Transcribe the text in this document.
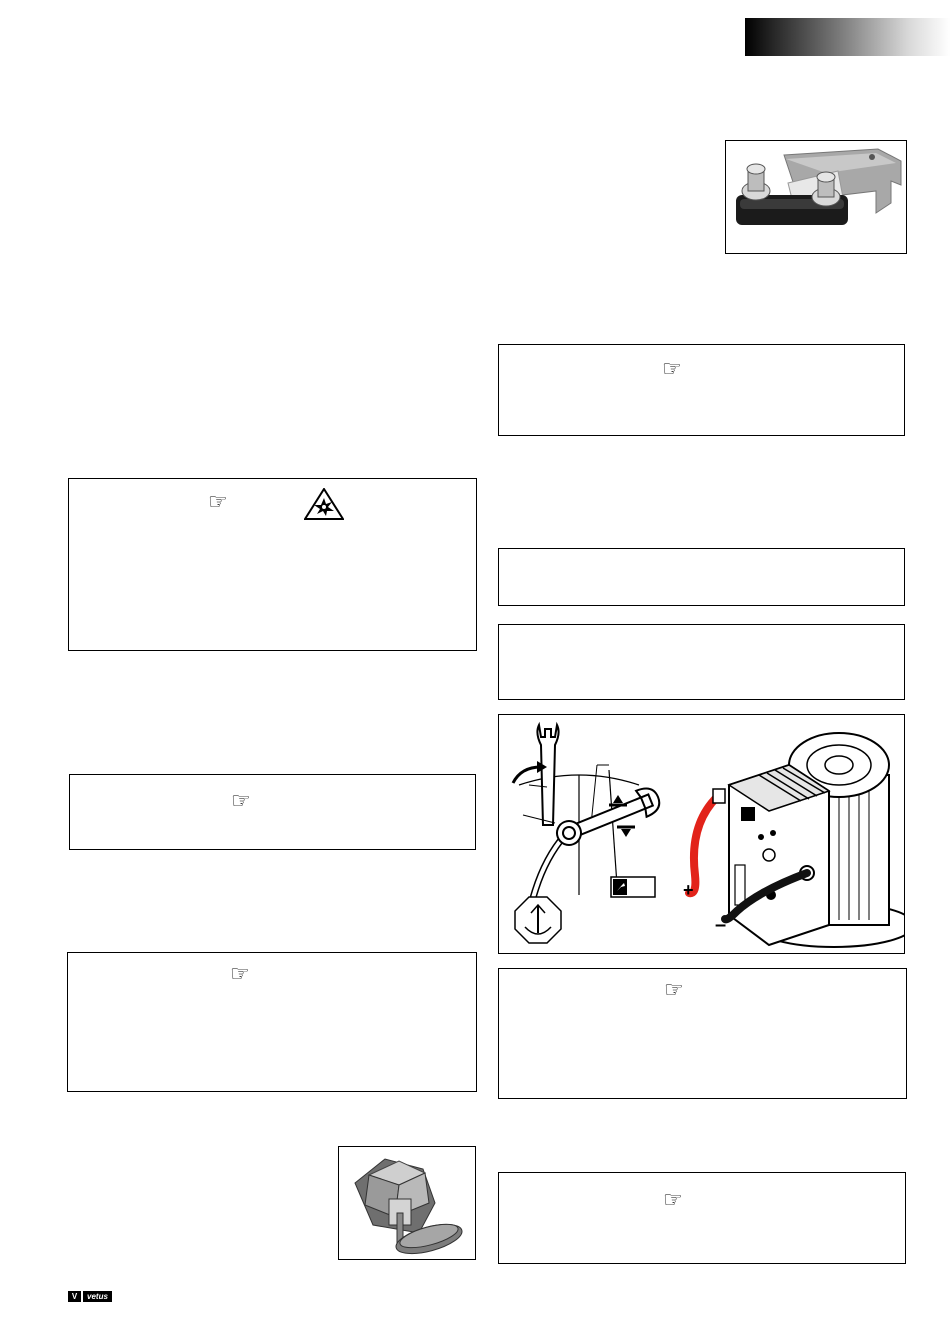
☞
☞
+
–
☞
☞
☞
☞
V	vetus
